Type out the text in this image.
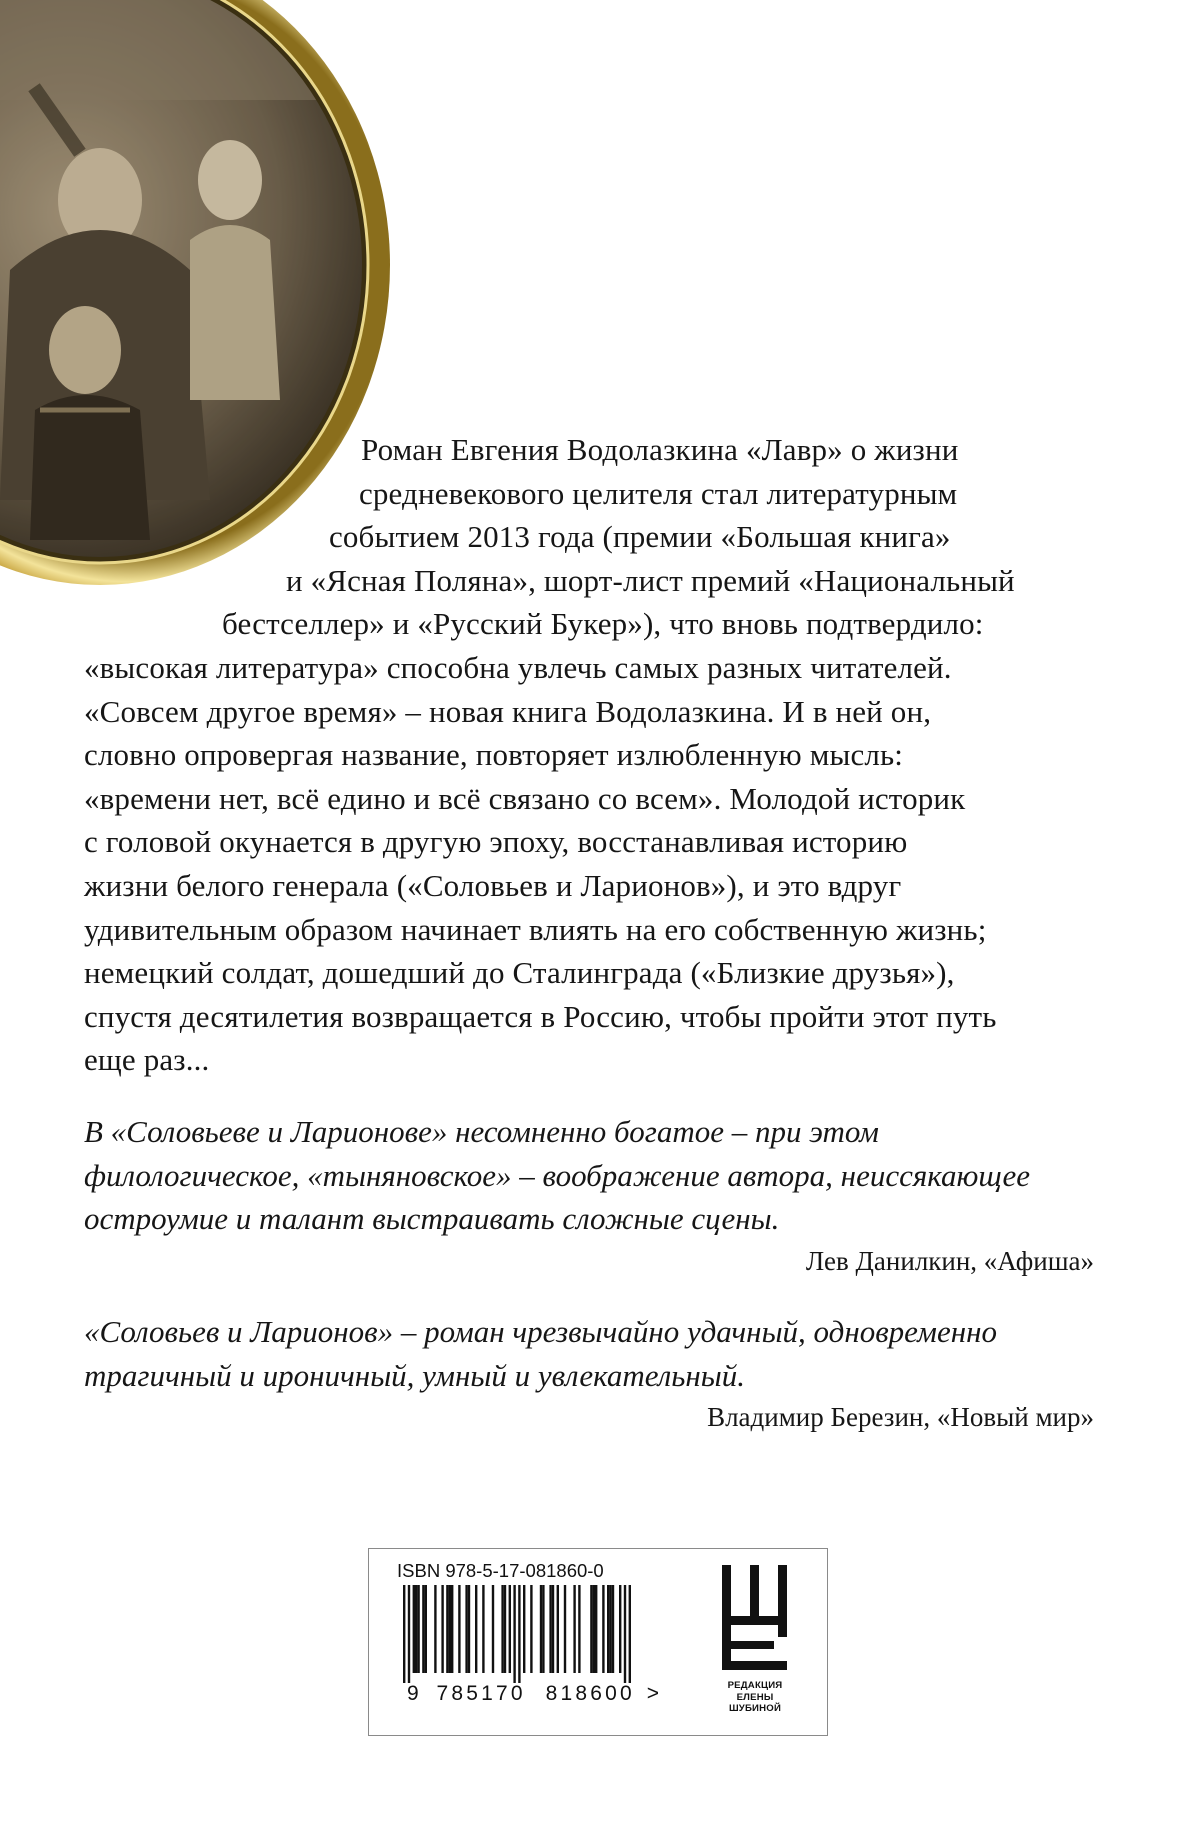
Роман Евгения Водолазкина «Лавр» о жизни
средневекового целителя стал литературным
событием 2013 года (премии «Большая книга»
и «Ясная Поляна», шорт-лист премий «Национальный
бестселлер» и «Русский Букер»), что вновь подтвердило:
«высокая литература» способна увлечь самых разных читателей.
«Совсем другое время» – новая книга Водолазкина. И в ней он,
словно опровергая название, повторяет излюбленную мысль:
«времени нет, всё едино и всё связано со всем». Молодой историк
с головой окунается в другую эпоху, восстанавливая историю
жизни белого генерала («Соловьев и Ларионов»), и это вдруг
удивительным образом начинает влиять на его собственную жизнь;
немецкий солдат, дошедший до Сталинграда («Близкие друзья»),
спустя десятилетия возвращается в Россию, чтобы пройти этот путь
еще раз...
В «Соловьеве и Ларионове» несомненно богатое – при этом
филологическое, «тыняновское» – воображение автора, неиссякающее
остроумие и талант выстраивать сложные сцены.
Лев Данилкин, «Афиша»
«Соловьев и Ларионов» – роман чрезвычайно удачный, одновременно
трагичный и ироничный, умный и увлекательный.
Владимир Березин, «Новый мир»
ISBN 978-5-17-081860-0
9 785170 818600 >	РЕДАКЦИЯ
ЕЛЕНЫ
ШУБИНОЙ
